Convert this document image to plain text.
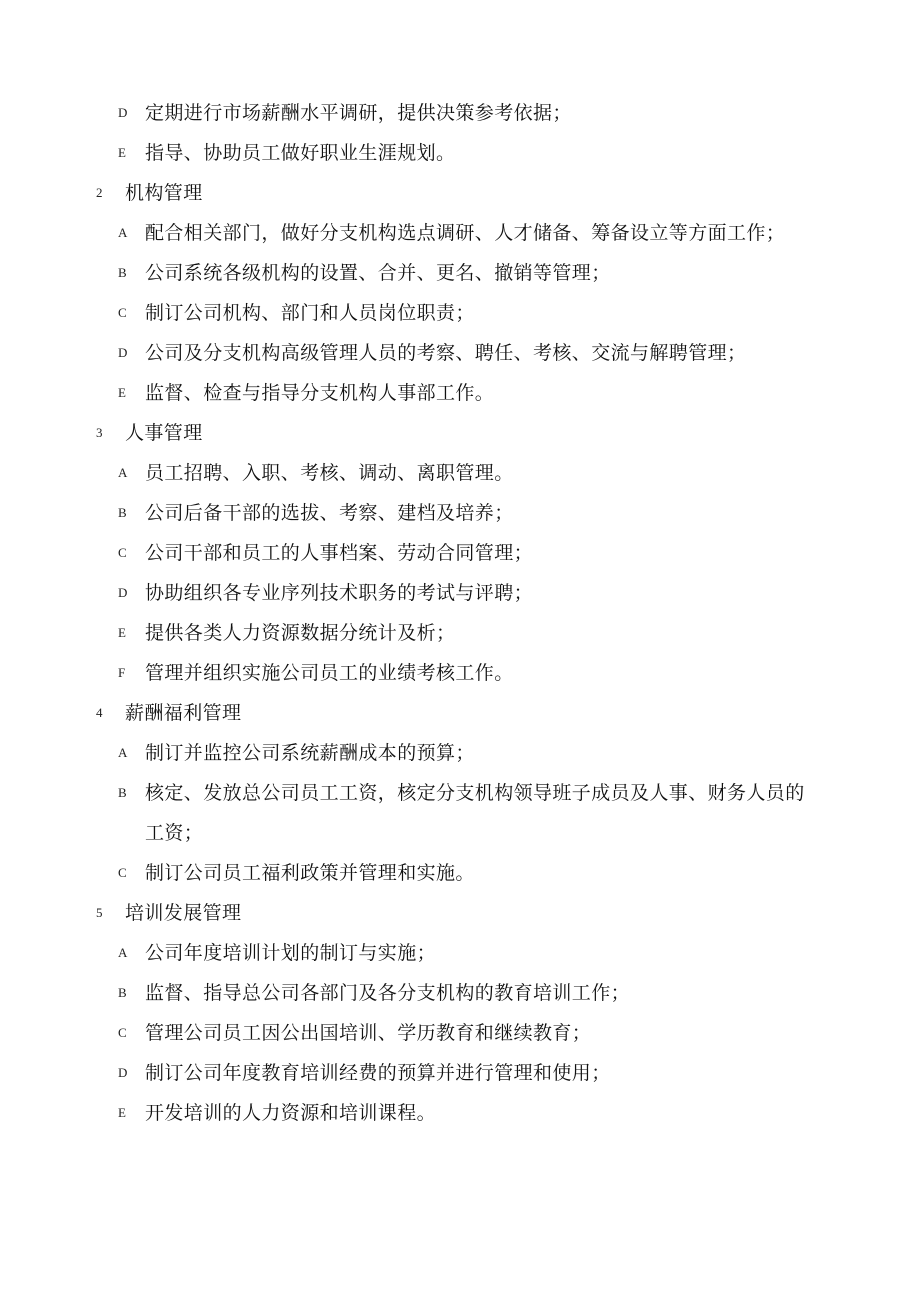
D 定期进行市场薪酬水平调研，提供决策参考依据；
E	指导、协助员工做好职业生涯规划。
2	机构管理
A 配合相关部门，做好分支机构选点调研、人才储备、筹备设立等方面工作；
B 公司系统各级机构的设置、合并、更名、撤销等管理；
C 制订公司机构、部门和人员岗位职责；
D 公司及分支机构高级管理人员的考察、聘任、考核、交流与解聘管理；
E	监督、检查与指导分支机构人事部工作。
3	人事管理
A 员工招聘、入职、考核、调动、离职管理。
B 公司后备干部的选拔、考察、建档及培养；
C 公司干部和员工的人事档案、劳动合同管理；
D 协助组织各专业序列技术职务的考试与评聘；
E	提供各类人力资源数据分统计及析；
F	管理并组织实施公司员工的业绩考核工作。
4	薪酬福利管理
A 制订并监控公司系统薪酬成本的预算；
B 核定、发放总公司员工工资，核定分支机构领导班子成员及人事、财务人员的工资；
C 制订公司员工福利政策并管理和实施。
5	培训发展管理
A 公司年度培训计划的制订与实施；
B 监督、指导总公司各部门及各分支机构的教育培训工作；
C 管理公司员工因公出国培训、学历教育和继续教育；
D 制订公司年度教育培训经费的预算并进行管理和使用；
E	开发培训的人力资源和培训课程。
